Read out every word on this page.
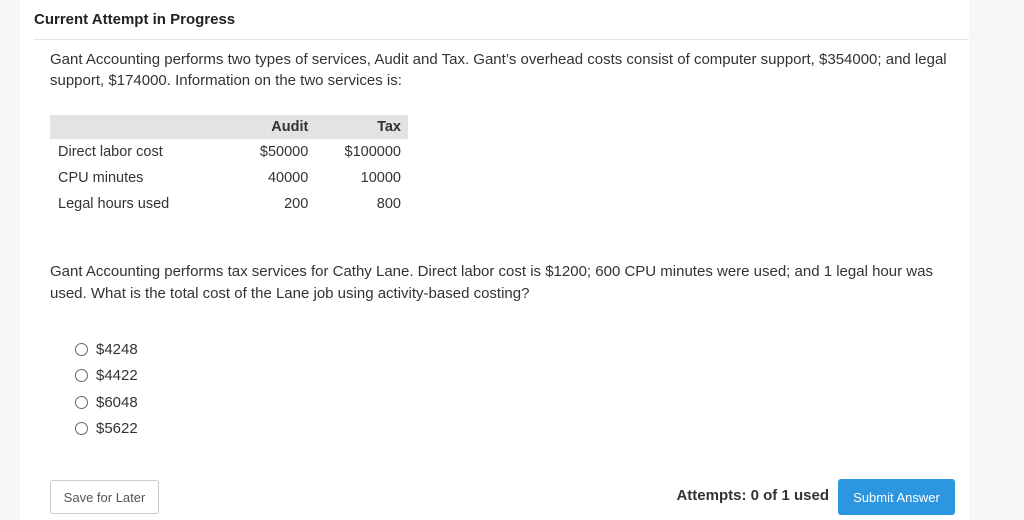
Current Attempt in Progress
Gant Accounting performs two types of services, Audit and Tax. Gant’s overhead costs consist of computer support, $354000; and legal support, $174000. Information on the two services is:
	Audit	Tax
Direct labor cost	$50000	$100000
CPU minutes	40000	10000
Legal hours used	200	800
Gant Accounting performs tax services for Cathy Lane. Direct labor cost is $1200; 600 CPU minutes were used; and 1 legal hour was used. What is the total cost of the Lane job using activity-based costing?
$4248
$4422
$6048
$5622
Save for Later	Attempts: 0 of 1 used	Submit Answer
